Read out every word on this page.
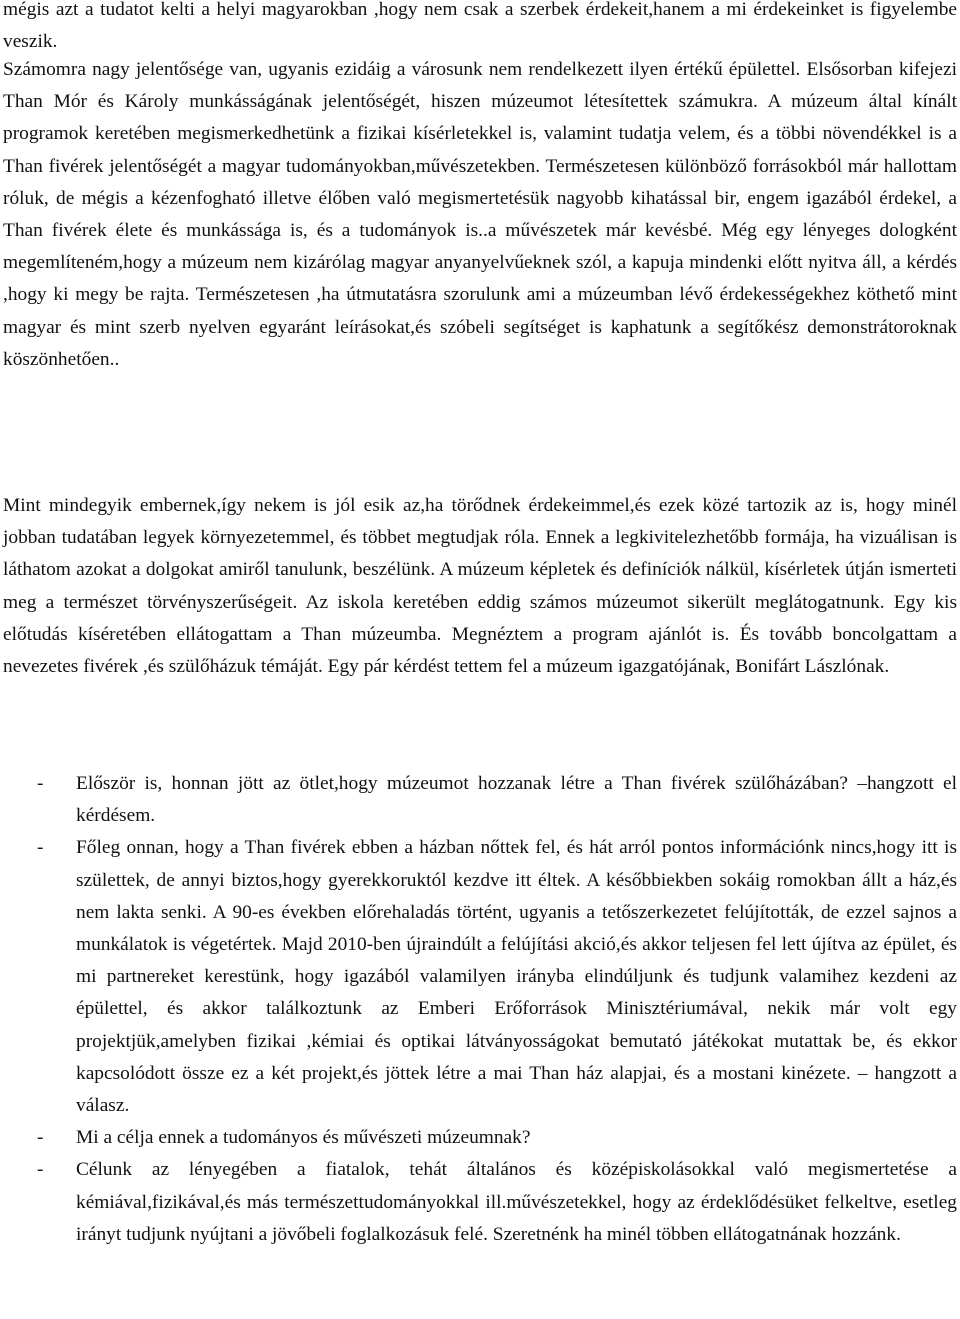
mégis azt a tudatot kelti a helyi magyarokban ,hogy nem csak a szerbek érdekeit,hanem a mi érdekeinket is figyelembe veszik.

Számomra nagy jelentősége van, ugyanis ezidáig a városunk nem rendelkezett ilyen értékű épülettel. Elsősorban kifejezi Than Mór és Károly munkásságának jelentőségét, hiszen múzeumot létesítettek számukra. A múzeum által kínált programok keretében megismerkedhetünk a fizikai kísérletekkel is, valamint tudatja velem, és a többi növendékkel is a Than fivérek jelentőségét a magyar tudományokban,művészetekben. Természetesen különböző forrásokból már hallottam róluk, de mégis a kézenfogható illetve élőben való megismertetésük nagyobb kihatással bir, engem igazából érdekel, a Than fivérek élete és munkássága is, és a tudományok is..a művészetek már kevésbé. Még egy lényeges dologként megemlíteném,hogy a múzeum nem kizárólag magyar anyanyelvűeknek szól, a kapuja mindenki előtt nyitva áll, a kérdés ,hogy ki megy be rajta. Természetesen ,ha útmutatásra szorulunk ami a múzeumban lévő érdekességekhez köthető mint magyar és mint szerb nyelven egyaránt leírásokat,és szóbeli segítséget is kaphatunk a segítőkész demonstrátoroknak köszönhetően..

Mint mindegyik embernek,így nekem is jól esik az,ha törődnek érdekeimmel,és ezek közé tartozik az is, hogy minél jobban tudatában legyek környezetemmel, és többet megtudjak róla. Ennek a legkivitelezhetőbb formája, ha vizuálisan is láthatom azokat a dolgokat amiről tanulunk, beszélünk. A múzeum képletek és definíciók nálkül, kísérletek útján ismerteti meg a természet törvényszerűségeit. Az iskola keretében eddig számos múzeumot sikerült meglátogatnunk. Egy kis előtudás kíséretében ellátogattam a Than múzeumba. Megnéztem a program ajánlót is. És tovább boncolgattam a nevezetes fivérek ,és szülőházuk témáját. Egy pár kérdést tettem fel a múzeum igazgatójának, Bonifárt Lászlónak.

- Először is, honnan jött az ötlet,hogy múzeumot hozzanak létre a Than fivérek szülőházában? –hangzott el kérdésem.
- Főleg onnan, hogy a Than fivérek ebben a házban nőttek fel, és hát arról pontos információnk nincs,hogy itt is születtek, de annyi biztos,hogy gyerekkoruktól kezdve itt éltek. A későbbiekben sokáig romokban állt a ház,és nem lakta senki. A 90-es években előrehaladás történt, ugyanis a tetőszerkezetet felújították, de ezzel sajnos a munkálatok is végetértek. Majd 2010-ben újraindúlt a felújítási akció,és akkor teljesen fel lett újítva az épület, és mi partnereket kerestünk, hogy igazából valamilyen irányba elindúljunk és tudjunk valamihez kezdeni az épülettel, és akkor találkoztunk az Emberi Erőforrások Minisztériumával, nekik már volt egy projektjük,amelyben fizikai ,kémiai és optikai látványosságokat bemutató játékokat mutattak be, és ekkor kapcsolódott össze ez a két projekt,és jöttek létre a mai Than ház alapjai, és a mostani kinézete. – hangzott a válasz.
- Mi a célja ennek a tudományos és művészeti múzeumnak?
- Célunk az lényegében a fiatalok, tehát általános és középiskolásokkal való megismertetése a kémiával,fizikával,és más természettudományokkal ill.művészetekkel, hogy az érdeklődésüket felkeltve, esetleg irányt tudjunk nyújtani a jövőbeli foglalkozásuk felé. Szeretnénk ha minél többen ellátogatnának hozzánk.
